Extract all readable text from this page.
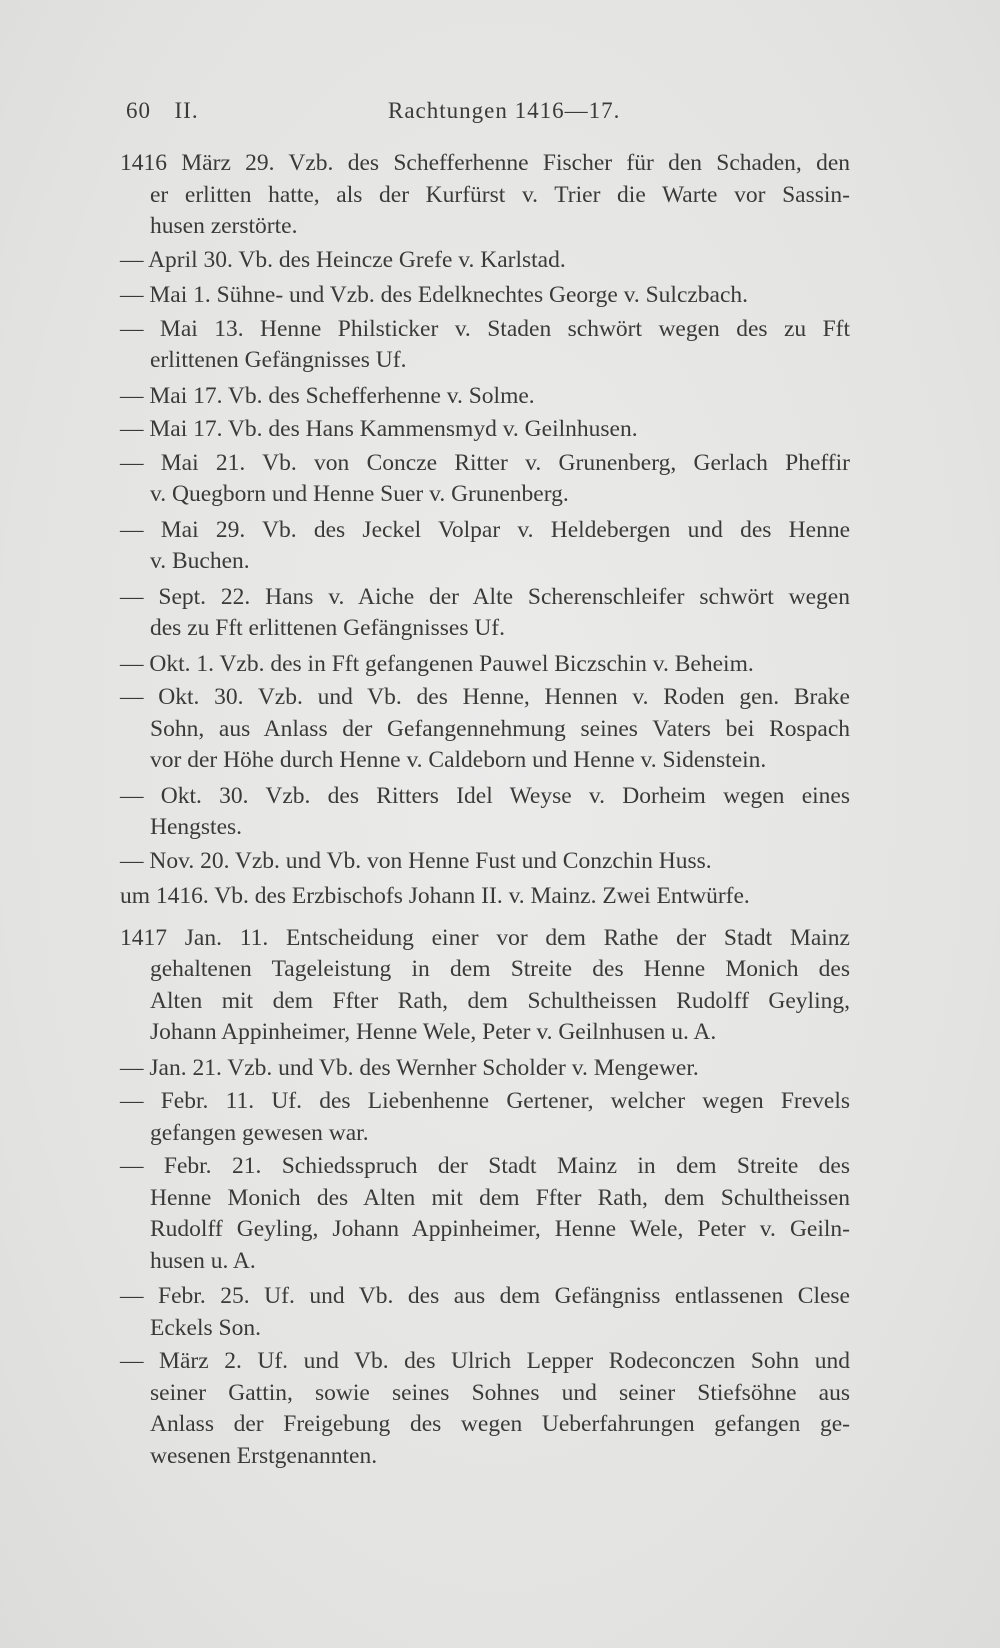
60 II.	Rachtungen 1416—17.
1416 März 29. Vzb. des Schefferhenne Fischer für den Schaden, den
er erlitten hatte, als der Kurfürst v. Trier die Warte vor Sassin-
husen zerstörte.
— April 30. Vb. des Heincze Grefe v. Karlstad.
— Mai 1. Sühne- und Vzb. des Edelknechtes George v. Sulczbach.
— Mai 13. Henne Philsticker v. Staden schwört wegen des zu Fft
erlittenen Gefängnisses Uf.
— Mai 17. Vb. des Schefferhenne v. Solme.
— Mai 17. Vb. des Hans Kammensmyd v. Geilnhusen.
— Mai 21. Vb. von Concze Ritter v. Grunenberg, Gerlach Pheffir
v. Quegborn und Henne Suer v. Grunenberg.
— Mai 29. Vb. des Jeckel Volpar v. Heldebergen und des Henne
v. Buchen.
— Sept. 22. Hans v. Aiche der Alte Scherenschleifer schwört wegen
des zu Fft erlittenen Gefängnisses Uf.
— Okt. 1. Vzb. des in Fft gefangenen Pauwel Biczschin v. Beheim.
— Okt. 30. Vzb. und Vb. des Henne, Hennen v. Roden gen. Brake
Sohn, aus Anlass der Gefangennehmung seines Vaters bei Rospach
vor der Höhe durch Henne v. Caldeborn und Henne v. Sidenstein.
— Okt. 30. Vzb. des Ritters Idel Weyse v. Dorheim wegen eines
Hengstes.
— Nov. 20. Vzb. und Vb. von Henne Fust und Conzchin Huss.
um 1416. Vb. des Erzbischofs Johann II. v. Mainz. Zwei Entwürfe.
1417 Jan. 11. Entscheidung einer vor dem Rathe der Stadt Mainz
gehaltenen Tageleistung in dem Streite des Henne Monich des
Alten mit dem Ffter Rath, dem Schultheissen Rudolff Geyling,
Johann Appinheimer, Henne Wele, Peter v. Geilnhusen u. A.
— Jan. 21. Vzb. und Vb. des Wernher Scholder v. Mengewer.
— Febr. 11. Uf. des Liebenhenne Gertener, welcher wegen Frevels
gefangen gewesen war.
— Febr. 21. Schiedsspruch der Stadt Mainz in dem Streite des
Henne Monich des Alten mit dem Ffter Rath, dem Schultheissen
Rudolff Geyling, Johann Appinheimer, Henne Wele, Peter v. Geiln-
husen u. A.
— Febr. 25. Uf. und Vb. des aus dem Gefängniss entlassenen Clese
Eckels Son.
— März 2. Uf. und Vb. des Ulrich Lepper Rodeconczen Sohn und
seiner Gattin, sowie seines Sohnes und seiner Stiefsöhne aus
Anlass der Freigebung des wegen Ueberfahrungen gefangen ge-
wesenen Erstgenannten.
